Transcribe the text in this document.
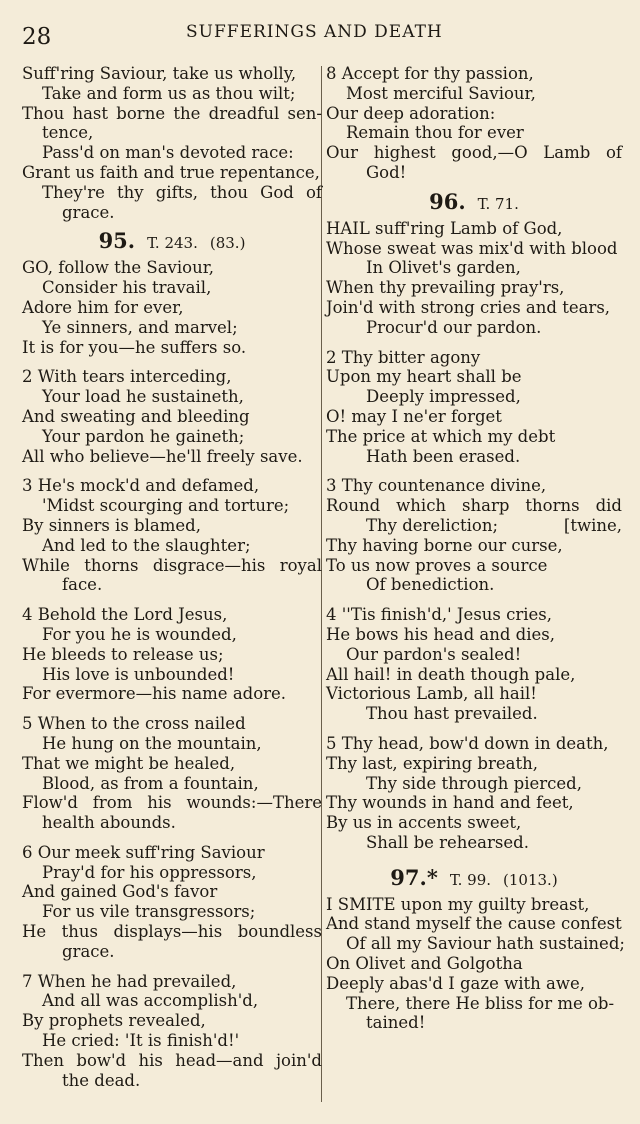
28	SUFFERINGS AND DEATH
Suff'ring Saviour, take us wholly,
Take and form us as thou wilt;
Thou hast borne the dreadful sen-
tence,
Pass'd on man's devoted race:
Grant us faith and true repentance,
They're thy gifts, thou God of
grace.
95. T. 243. (83.)
GO, follow the Saviour,
Consider his travail,
Adore him for ever,
Ye sinners, and marvel;
It is for you—he suffers so.
2 With tears interceding,
Your load he sustaineth,
And sweating and bleeding
Your pardon he gaineth;
All who believe—he'll freely save.
3 He's mock'd and defamed,
'Midst scourging and torture;
By sinners is blamed,
And led to the slaughter;
While thorns disgrace—his royal
face.
4 Behold the Lord Jesus,
For you he is wounded,
He bleeds to release us;
His love is unbounded!
For evermore—his name adore.
5 When to the cross nailed
He hung on the mountain,
That we might be healed,
Blood, as from a fountain,
Flow'd from his wounds:—There
health abounds.
6 Our meek suff'ring Saviour
Pray'd for his oppressors,
And gained God's favor
For us vile transgressors;
He thus displays—his boundless
grace.
7 When he had prevailed,
And all was accomplish'd,
By prophets revealed,
He cried: 'It is finish'd!'
Then bow'd his head—and join'd
the dead.
8 Accept for thy passion,
Most merciful Saviour,
Our deep adoration:
Remain thou for ever
Our highest good,—O Lamb of
God!
96. T. 71.
HAIL suff'ring Lamb of God,
Whose sweat was mix'd with blood
In Olivet's garden,
When thy prevailing pray'rs,
Join'd with strong cries and tears,
Procur'd our pardon.
2 Thy bitter agony
Upon my heart shall be
Deeply impressed,
O! may I ne'er forget
The price at which my debt
Hath been erased.
3 Thy countenance divine,
Round which sharp thorns did
Thy dereliction;	[twine,
Thy having borne our curse,
To us now proves a source
Of benediction.
4 ''Tis finish'd,' Jesus cries,
He bows his head and dies,
Our pardon's sealed!
All hail! in death though pale,
Victorious Lamb, all hail!
Thou hast prevailed.
5 Thy head, bow'd down in death,
Thy last, expiring breath,
Thy side through pierced,
Thy wounds in hand and feet,
By us in accents sweet,
Shall be rehearsed.
97.* T. 99. (1013.)
I SMITE upon my guilty breast,
And stand myself the cause confest
Of all my Saviour hath sustained;
On Olivet and Golgotha
Deeply abas'd I gaze with awe,
There, there He bliss for me ob-
tained!
